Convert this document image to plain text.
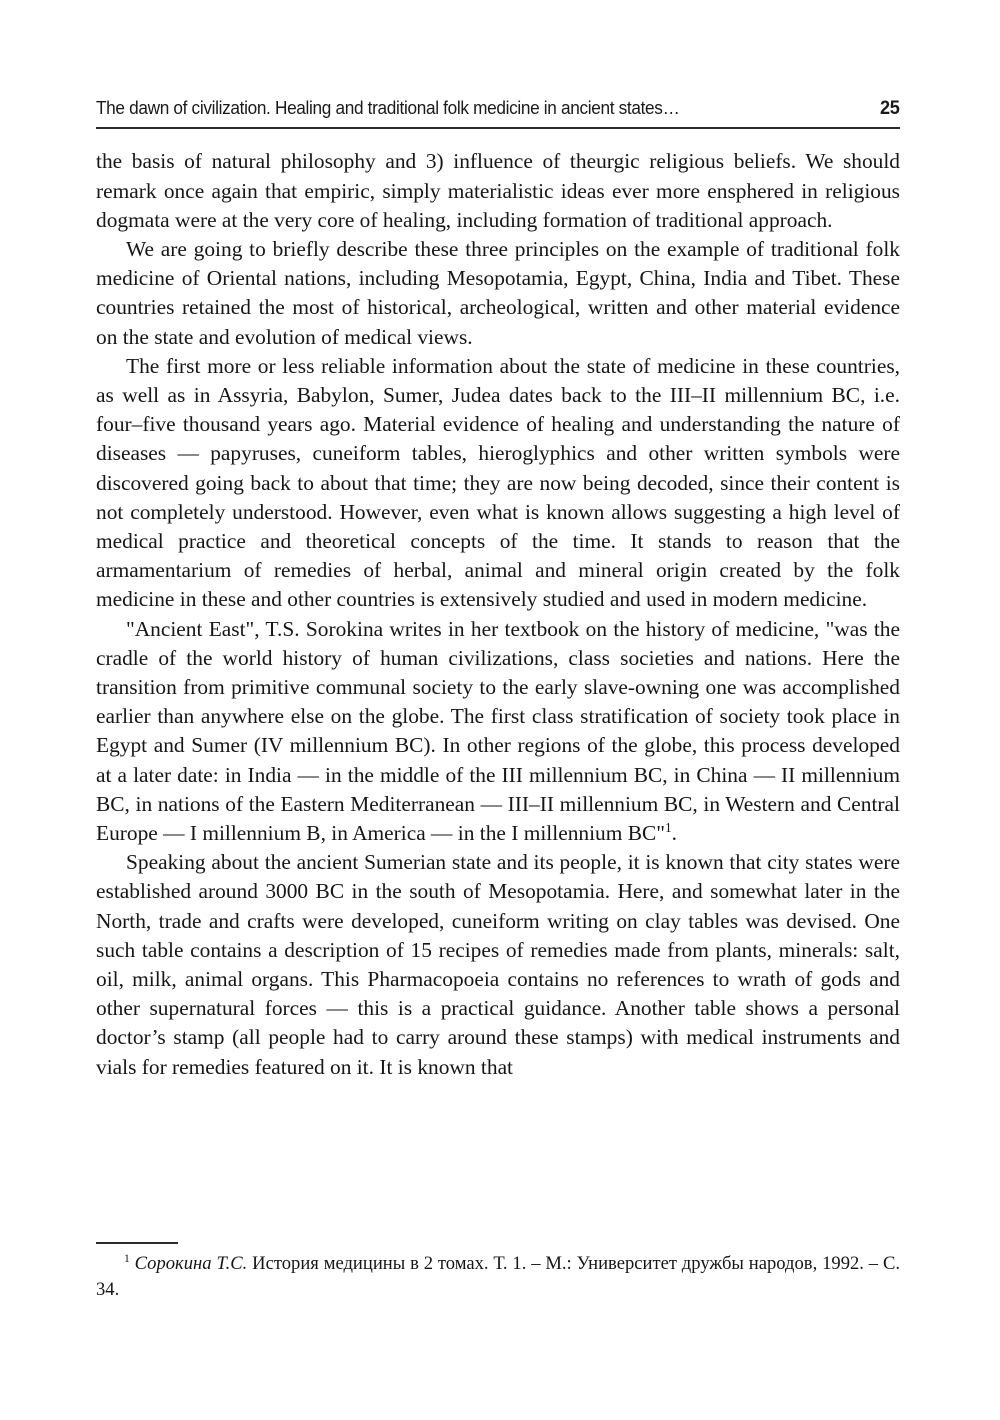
The dawn of civilization. Healing and traditional folk medicine in ancient states…	25

the basis of natural philosophy and 3) influence of theurgic religious beliefs. We should remark once again that empiric, simply materialistic ideas ever more ensphered in religious dogmata were at the very core of healing, including formation of traditional approach.

We are going to briefly describe these three principles on the example of traditional folk medicine of Oriental nations, including Mesopotamia, Egypt, China, India and Tibet. These countries retained the most of historical, archeological, written and other material evidence on the state and evolution of medical views.

The first more or less reliable information about the state of medicine in these countries, as well as in Assyria, Babylon, Sumer, Judea dates back to the III–II millennium BC, i.e. four–five thousand years ago. Material evidence of healing and understanding the nature of diseases — papyruses, cuneiform tables, hieroglyphics and other written symbols were discovered going back to about that time; they are now being decoded, since their content is not completely understood. However, even what is known allows suggesting a high level of medical practice and theoretical concepts of the time. It stands to reason that the armamentarium of remedies of herbal, animal and mineral origin created by the folk medicine in these and other countries is extensively studied and used in modern medicine.

"Ancient East", T.S. Sorokina writes in her textbook on the history of medicine, "was the cradle of the world history of human civilizations, class societies and nations. Here the transition from primitive communal society to the early slave-owning one was accomplished earlier than anywhere else on the globe. The first class stratification of society took place in Egypt and Sumer (IV millennium BC). In other regions of the globe, this process developed at a later date: in India — in the middle of the III millennium BC, in China — II millennium BC, in nations of the Eastern Mediterranean — III–II millennium BC, in Western and Central Europe — I millennium B, in America — in the I millennium BC"$^1$.

Speaking about the ancient Sumerian state and its people, it is known that city states were established around 3000 BC in the south of Mesopotamia. Here, and somewhat later in the North, trade and crafts were developed, cuneiform writing on clay tables was devised. One such table contains a description of 15 recipes of remedies made from plants, minerals: salt, oil, milk, animal organs. This Pharmacopoeia contains no references to wrath of gods and other supernatural forces — this is a practical guidance. Another table shows a personal doctor’s stamp (all people had to carry around these stamps) with medical instruments and vials for remedies featured on it. It is known that

$^1$ Сорокина Т.С. История медицины в 2 томах. Т. 1. – М.: Университет дружбы народов, 1992. – С. 34.
